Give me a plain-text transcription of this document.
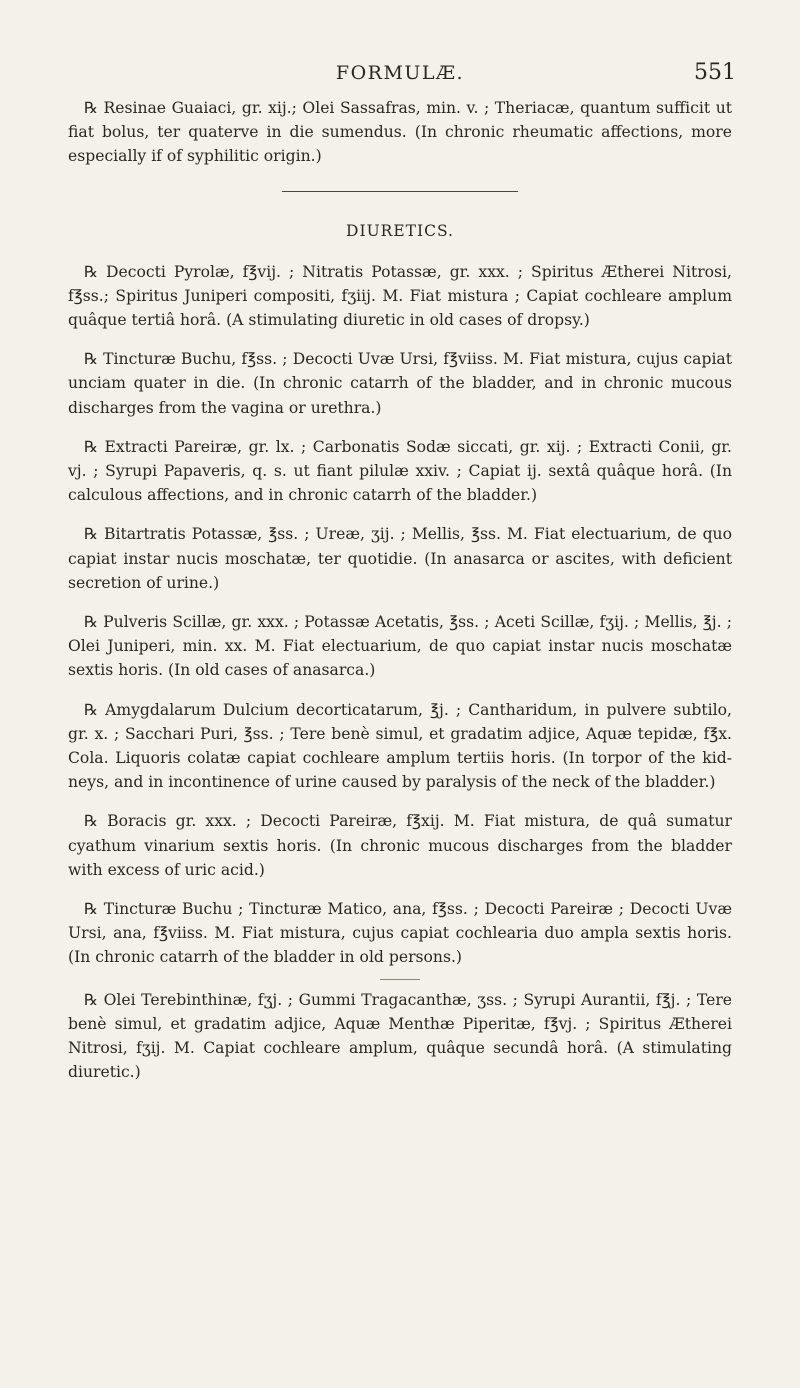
FORMULÆ.	551

℞ Resinae Guaiaci, gr. xij.; Olei Sassafras, min. v. ; Theriacæ, quantum sufficit ut fiat bolus, ter quaterve in die sumendus. (In chronic rheumatic affections, more especially if of syphilitic origin.)

DIURETICS.

℞ Decocti Pyrolæ, f℥vij. ; Nitratis Potassæ, gr. xxx. ; Spiritus Ætherei Nitrosi, f℥ss.; Spiritus Juniperi compositi, fʒiij. M. Fiat mistura ; Capiat cochleare amplum quâque tertiâ horâ. (A stimulating diuretic in old cases of dropsy.)

℞ Tincturæ Buchu, f℥ss. ; Decocti Uvæ Ursi, f℥viiss. M. Fiat mistura, cujus capiat unciam quater in die. (In chronic catarrh of the bladder, and in chronic mucous discharges from the vagina or urethra.)

℞ Extracti Pareiræ, gr. lx. ; Carbonatis Sodæ siccati, gr. xij. ; Extracti Conii, gr. vj. ; Syrupi Papaveris, q. s. ut fiant pilulæ xxiv. ; Capiat ij. sextâ quâque horâ. (In calculous affections, and in chronic catarrh of the bladder.)

℞ Bitartratis Potassæ, ℥ss. ; Ureæ, ʒij. ; Mellis, ℥ss. M. Fiat electuarium, de quo capiat instar nucis moschatæ, ter quotidie. (In anasarca or ascites, with deficient secretion of urine.)

℞ Pulveris Scillæ, gr. xxx. ; Potassæ Acetatis, ℥ss. ; Aceti Scillæ, fʒij. ; Mellis, ℥j. ; Olei Juniperi, min. xx. M. Fiat electuarium, de quo capiat instar nucis moschatæ sextis horis. (In old cases of anasarca.)

℞ Amygdalarum Dulcium decorticatarum, ℥j. ; Cantharidum, in pulvere subtilo, gr. x. ; Sacchari Puri, ℥ss. ; Tere benè simul, et gradatim adjice, Aquæ tepidæ, f℥x. Cola. Liquoris colatæ capiat cochleare amplum tertiis horis. (In torpor of the kid-neys, and in incontinence of urine caused by paralysis of the neck of the bladder.)

℞ Boracis gr. xxx. ; Decocti Pareiræ, f℥xij. M. Fiat mistura, de quâ sumatur cyathum vinarium sextis horis. (In chronic mucous discharges from the bladder with excess of uric acid.)

℞ Tincturæ Buchu ; Tincturæ Matico, ana, f℥ss. ; Decocti Pareiræ ; Decocti Uvæ Ursi, ana, f℥viiss. M. Fiat mistura, cujus capiat cochlearia duo ampla sextis horis. (In chronic catarrh of the bladder in old persons.)

℞ Olei Terebinthinæ, fʒj. ; Gummi Tragacanthæ, ʒss. ; Syrupi Aurantii, f℥j. ; Tere benè simul, et gradatim adjice, Aquæ Menthæ Piperitæ, f℥vj. ; Spiritus Ætherei Nitrosi, fʒij. M. Capiat cochleare amplum, quâque secundâ horâ. (A stimulating diuretic.)
